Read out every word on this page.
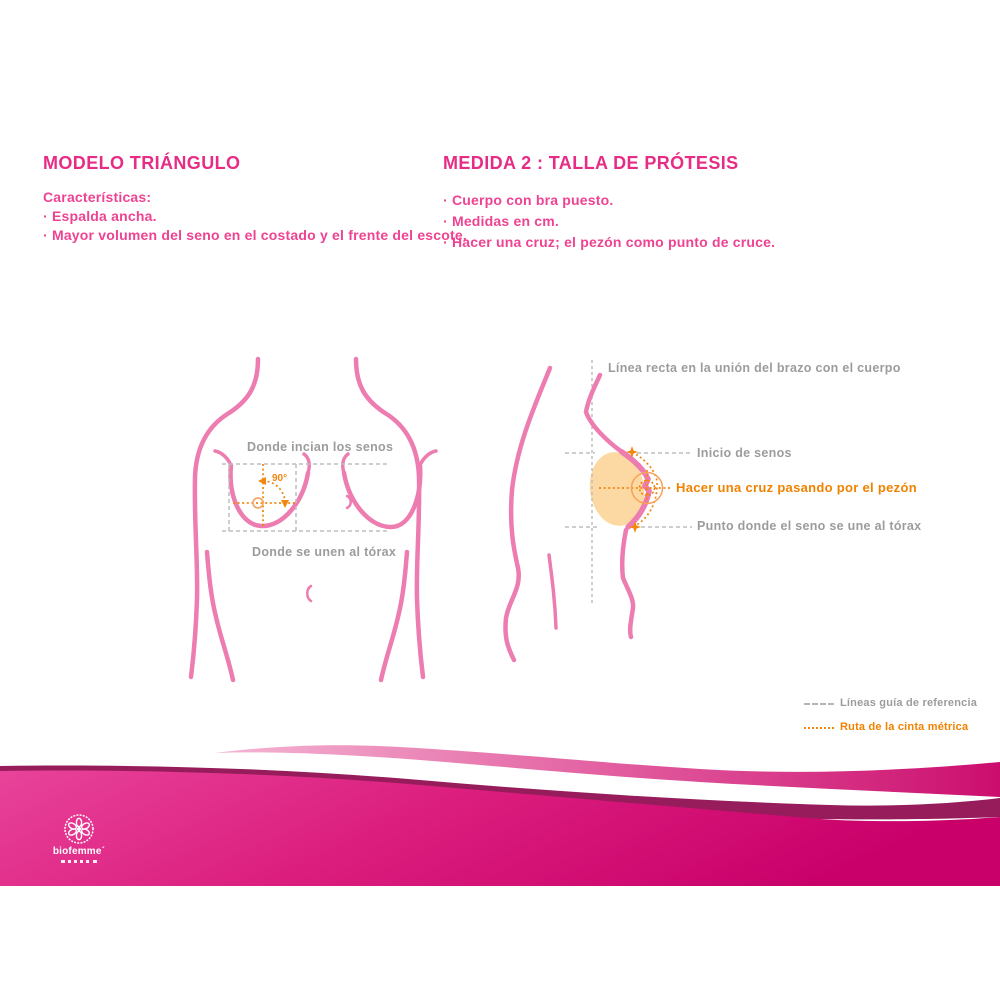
MODELO TRIÁNGULO
Características:
· Espalda ancha.
· Mayor volumen del seno en el costado y el frente del escote.
MEDIDA 2 : TALLA DE PRÓTESIS
· Cuerpo con bra puesto.
· Medidas en cm.
· Hacer una cruz; el pezón como punto de cruce.
Donde incian los senos
Donde se unen al tórax
90°
Línea recta en la unión del brazo con el cuerpo
Inicio de senos
Hacer una cruz pasando por el pezón
Punto donde el seno se une al tórax
Líneas guía de referencia
Ruta de la cinta métrica
biofemme´
